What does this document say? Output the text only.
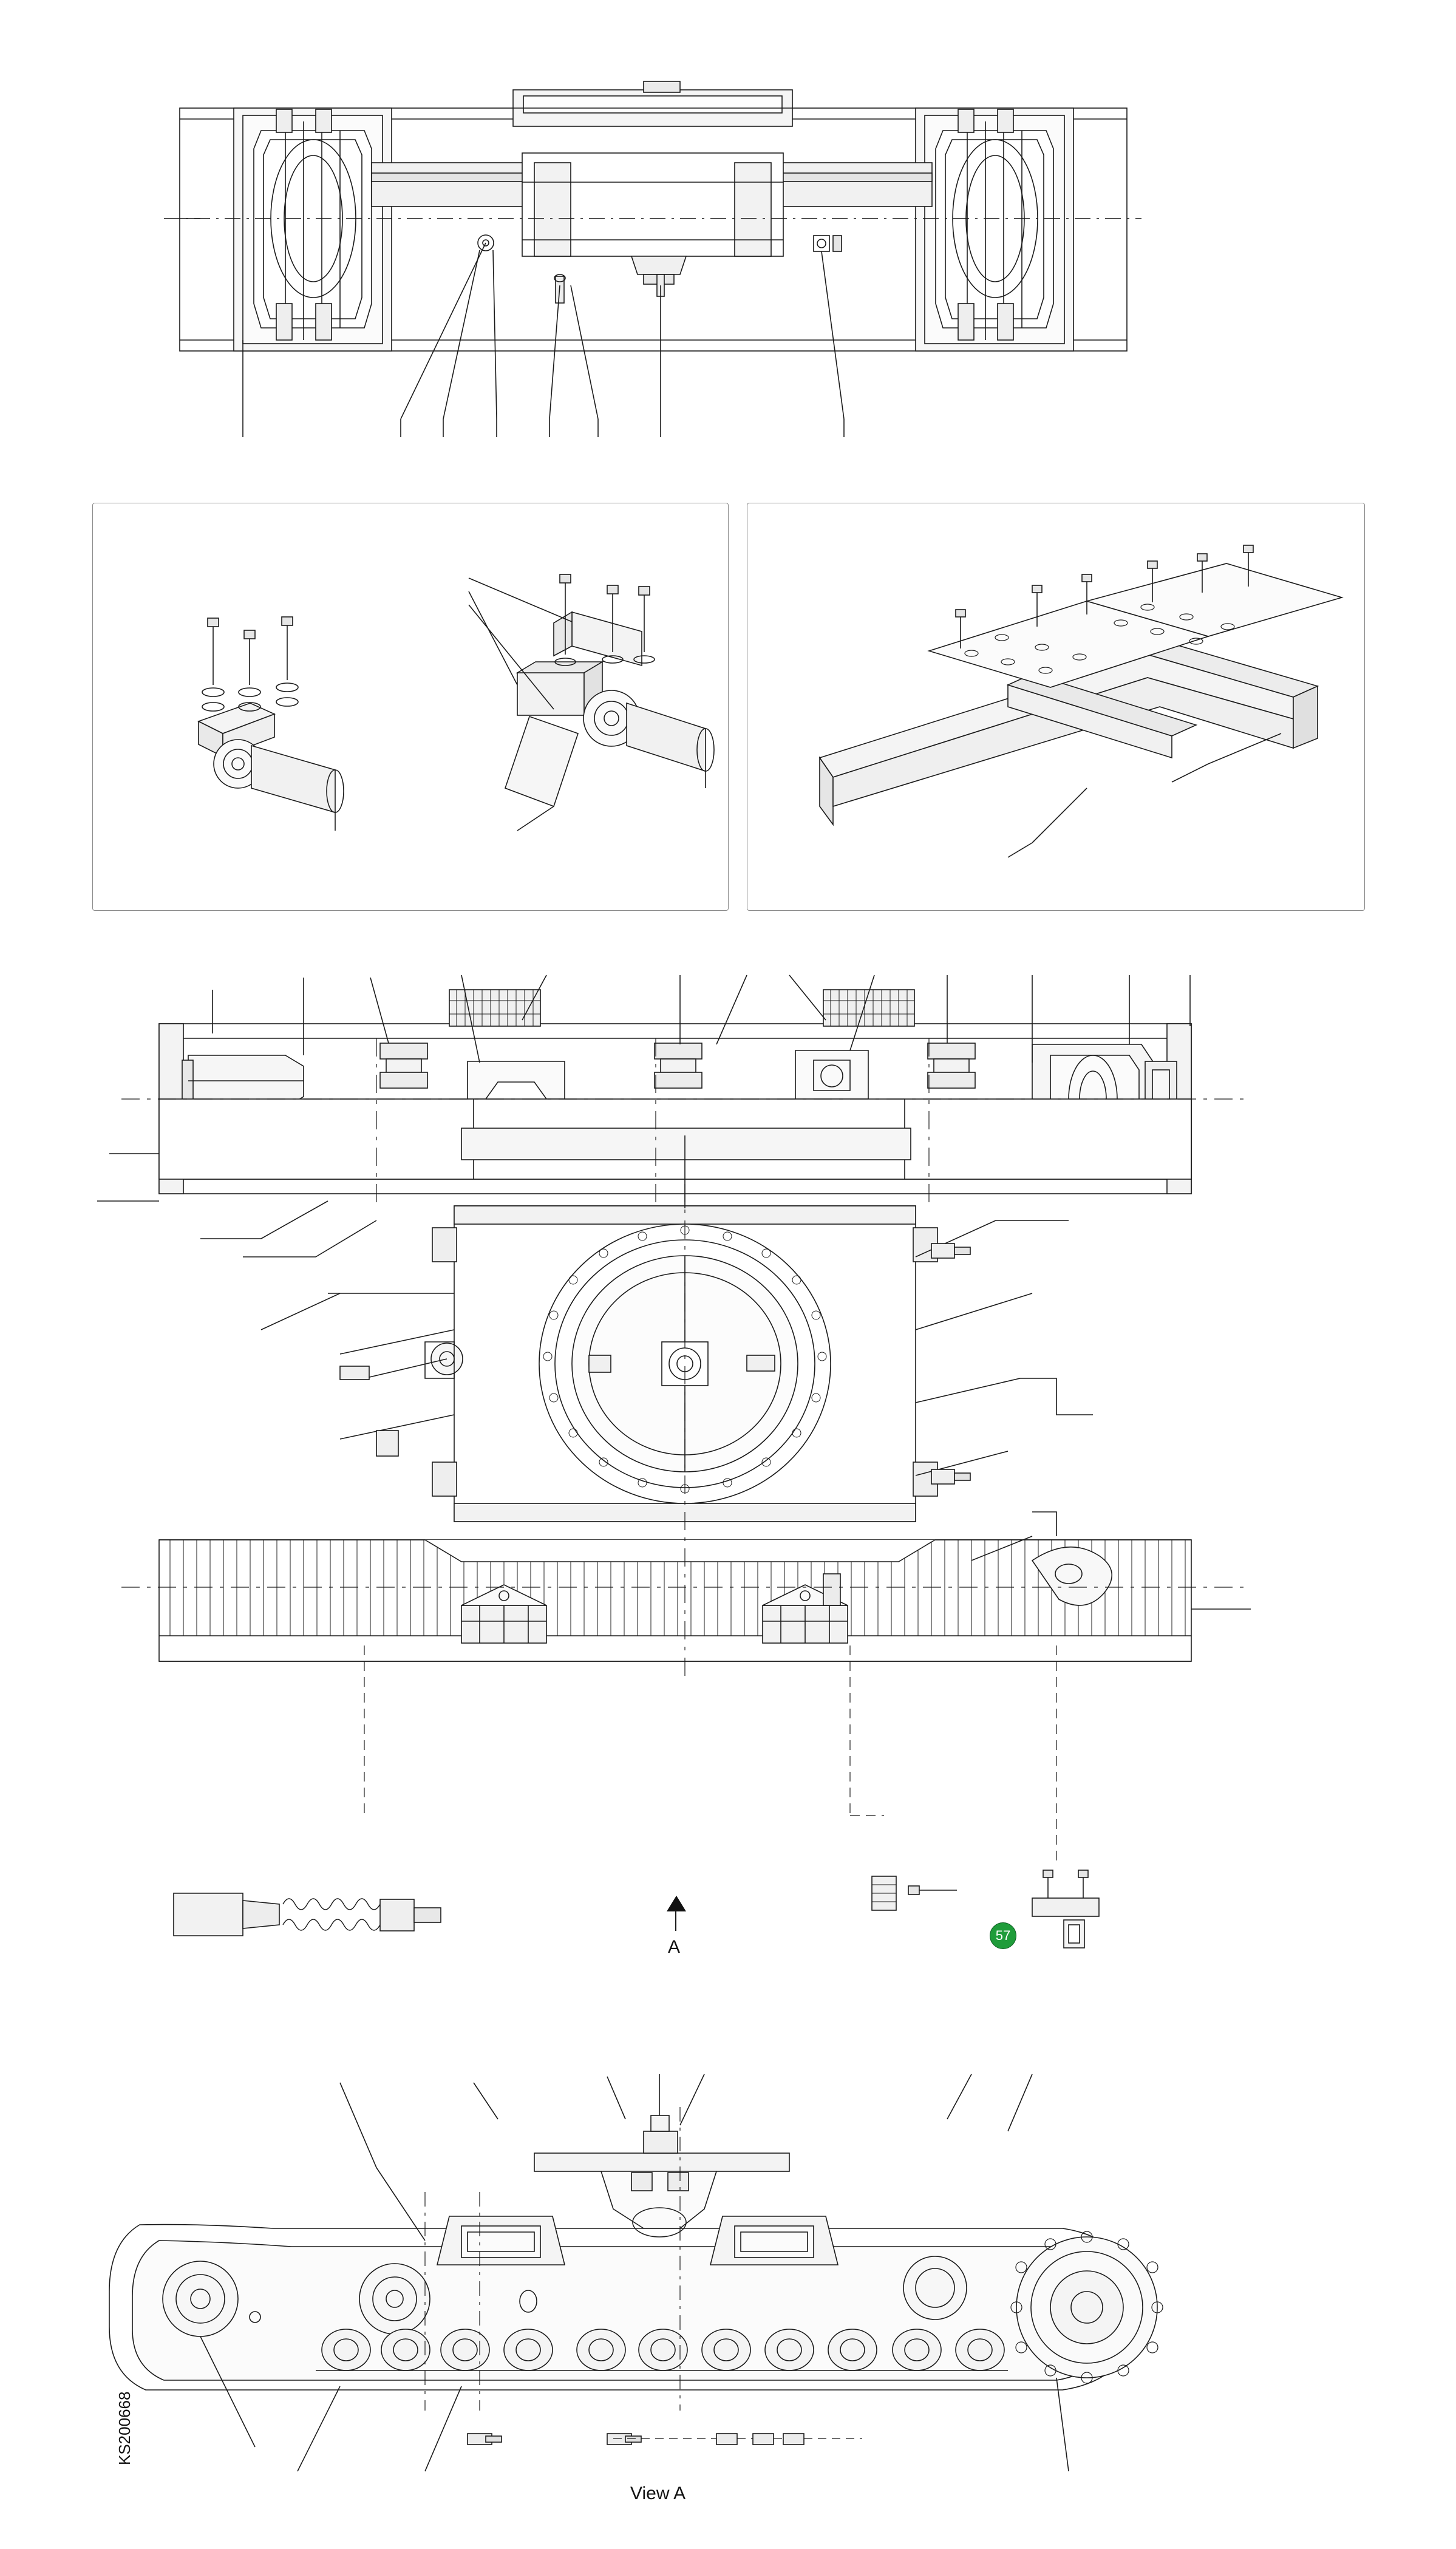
A
57
View A
KS200668
